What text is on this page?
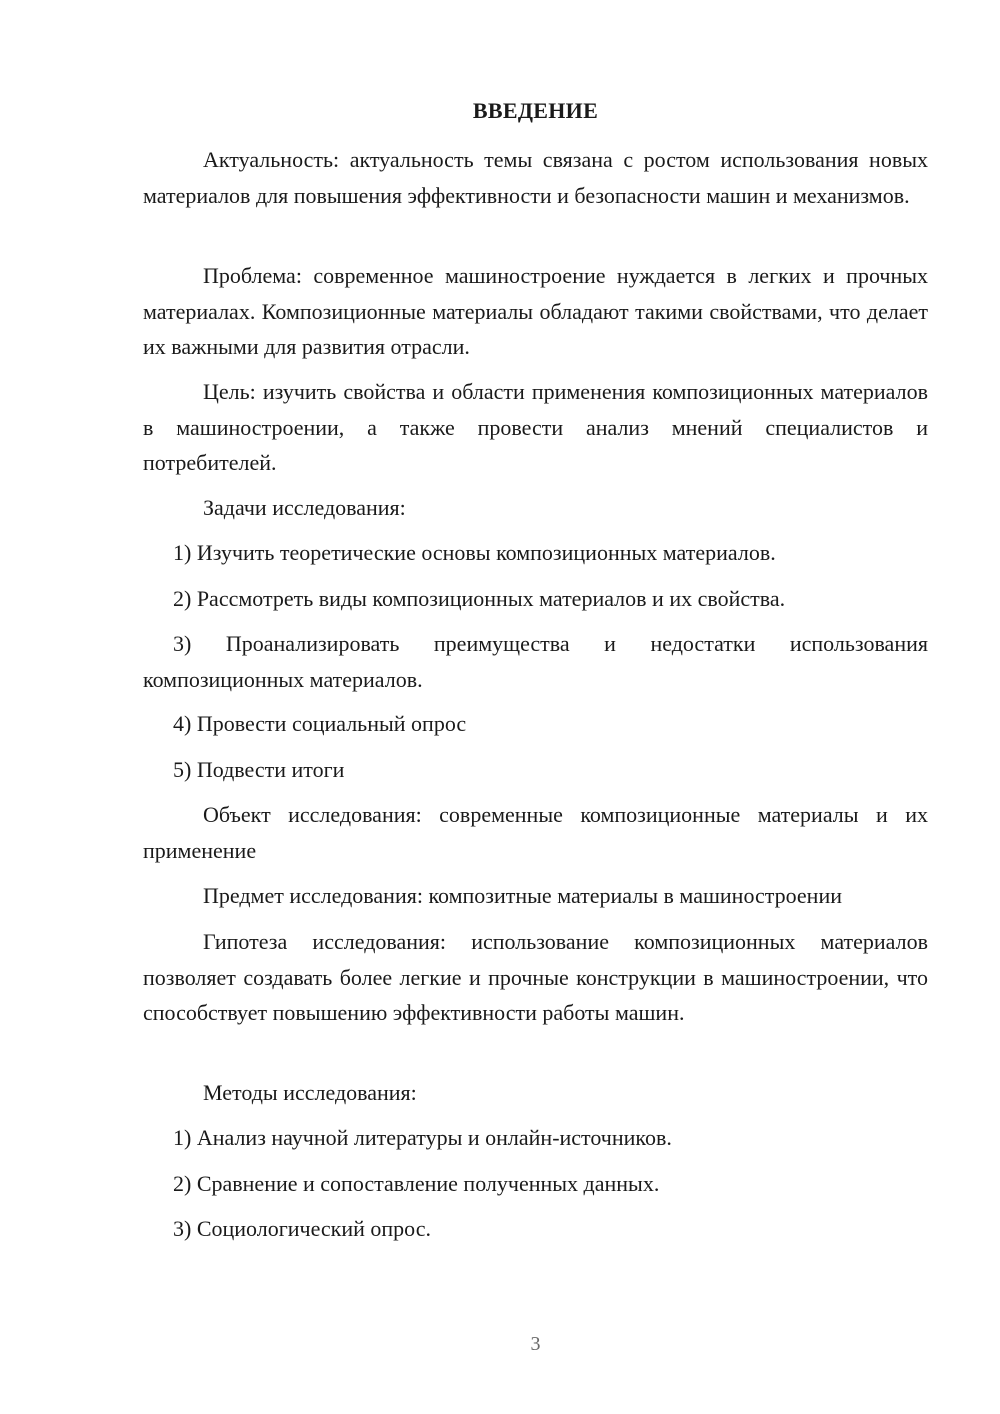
ВВЕДЕНИЕ

Актуальность: актуальность темы связана с ростом использования новых материалов для повышения эффективности и безопасности машин и механизмов.

Проблема: современное машиностроение нуждается в легких и прочных материалах. Композиционные материалы обладают такими свойствами, что делает их важными для развития отрасли.

Цель: изучить свойства и области применения композиционных материалов в машиностроении, а также провести анализ мнений специалистов и потребителей.

Задачи исследования:

1) Изучить теоретические основы композиционных материалов.

2) Рассмотреть виды композиционных материалов и их свойства.

3) Проанализировать преимущества и недостатки использования композиционных материалов.

4) Провести социальный опрос

5) Подвести итоги

Объект исследования: современные композиционные материалы и их применение

Предмет исследования: композитные материалы в машиностроении

Гипотеза исследования: использование композиционных материалов позволяет создавать более легкие и прочные конструкции в машиностроении, что способствует повышению эффективности работы машин.

Методы исследования:

1) Анализ научной литературы и онлайн-источников.

2) Сравнение и сопоставление полученных данных.

3) Социологический опрос.

3
